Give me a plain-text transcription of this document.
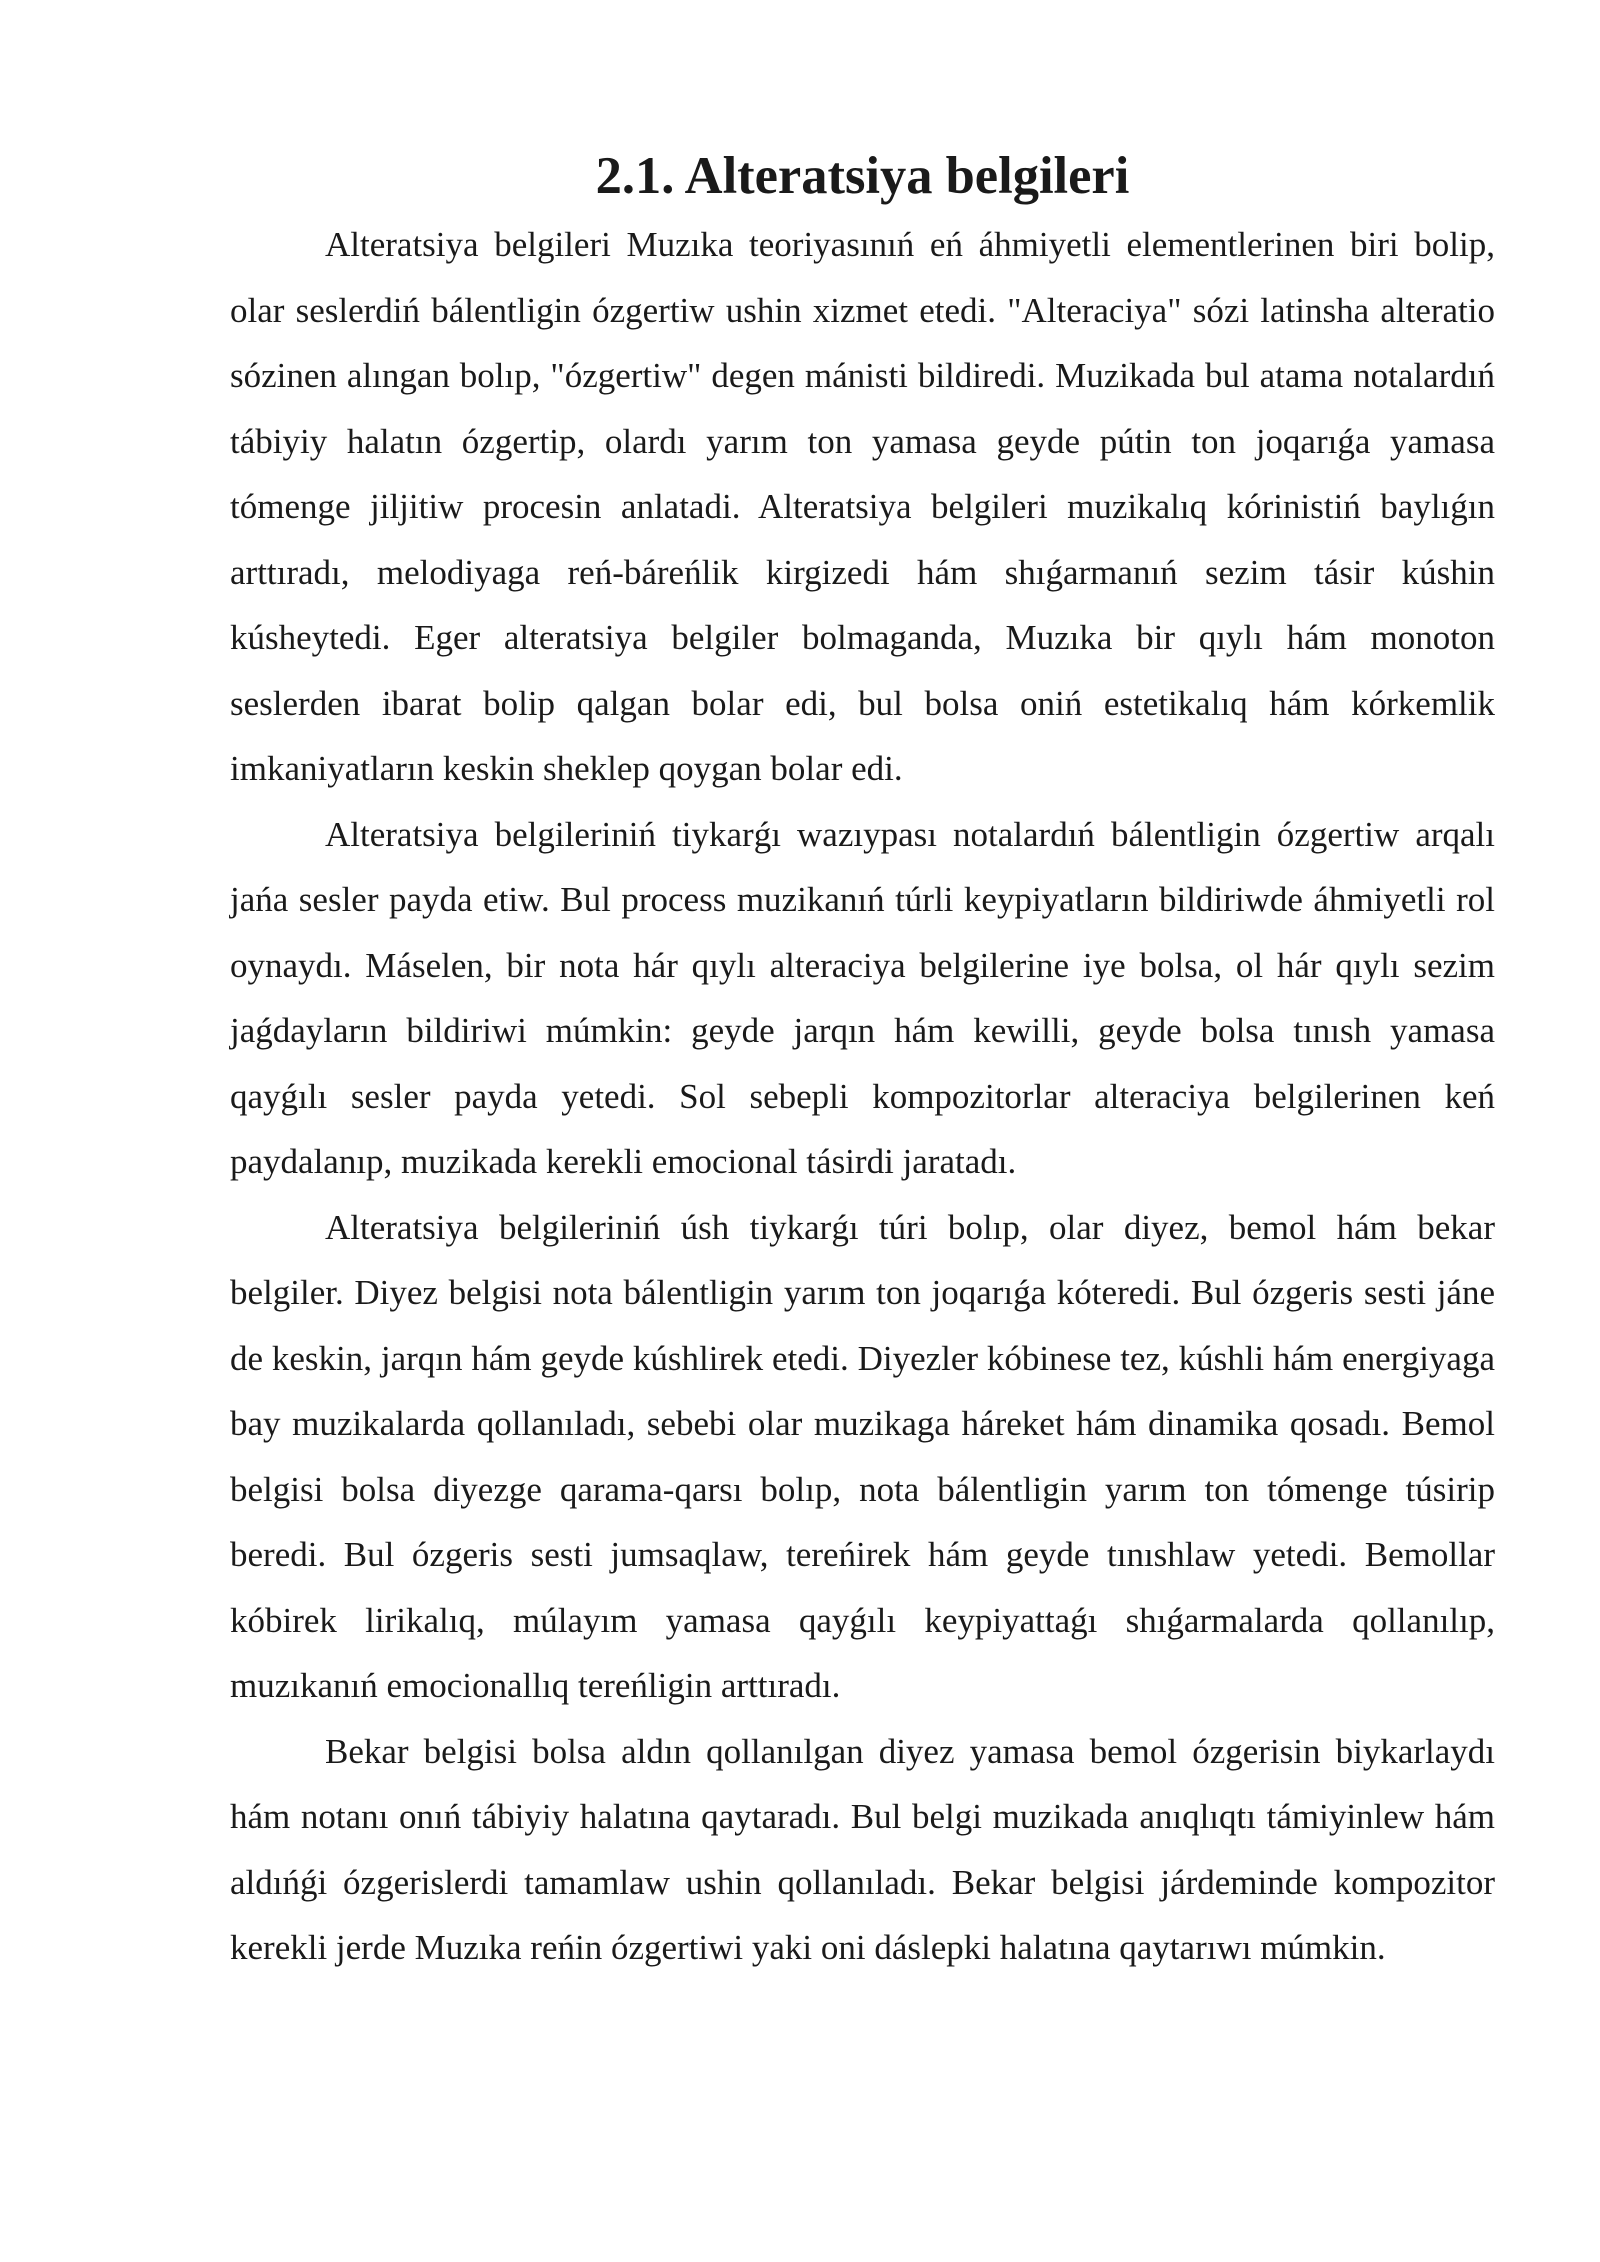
2.1. Alteratsiya belgileri

Alteratsiya belgileri Muzıka teoriyasınıń eń áhmiyetli elementlerinen biri bolip, olar seslerdiń bálentligin ózgertiw ushin xizmet etedi. "Alteraciya" sózi latinsha alteratio sózinen alıngan bolıp, "ózgertiw" degen mánisti bildiredi. Muzikada bul atama notalardıń tábiyiy halatın ózgertip, olardı yarım ton yamasa geyde pútin ton joqarıǵa yamasa tómenge jiljitiw procesin anlatadi. Alteratsiya belgileri muzikalıq kórinistiń baylıǵın arttıradı, melodiyaga reń-báreńlik kirgizedi hám shıǵarmanıń sezim tásir kúshin kúsheytedi. Eger alteratsiya belgiler bolmaganda, Muzıka bir qıylı hám monoton seslerden ibarat bolip qalgan bolar edi, bul bolsa oniń estetikalıq hám kórkemlik imkaniyatların keskin sheklep qoygan bolar edi.

Alteratsiya belgileriniń tiykarǵı wazıypası notalardıń bálentligin ózgertiw arqalı jańa sesler payda etiw. Bul process muzikanıń túrli keypiyatların bildiriwde áhmiyetli rol oynaydı. Máselen, bir nota hár qıylı alteraciya belgilerine iye bolsa, ol hár qıylı sezim jaǵdayların bildiriwi múmkin: geyde jarqın hám kewilli, geyde bolsa tınısh yamasa qayǵılı sesler payda yetedi. Sol sebepli kompozitorlar alteraciya belgilerinen keń paydalanıp, muzikada kerekli emocional tásirdi jaratadı.

Alteratsiya belgileriniń úsh tiykarǵı túri bolıp, olar diyez, bemol hám bekar belgiler. Diyez belgisi nota bálentligin yarım ton joqarıǵa kóteredi. Bul ózgeris sesti jáne de keskin, jarqın hám geyde kúshlirek etedi. Diyezler kóbinese tez, kúshli hám energiyaga bay muzikalarda qollanıladı, sebebi olar muzikaga háreket hám dinamika qosadı. Bemol belgisi bolsa diyezge qarama-qarsı bolıp, nota bálentligin yarım ton tómenge túsirip beredi. Bul ózgeris sesti jumsaqlaw, tereńirek hám geyde tınıshlaw yetedi. Bemollar kóbirek lirikalıq, múlayım yamasa qayǵılı keypiyattaǵı shıǵarmalarda qollanılıp, muzıkanıń emocionallıq tereńligin arttıradı.

Bekar belgisi bolsa aldın qollanılgan diyez yamasa bemol ózgerisin biykarlaydı hám notanı onıń tábiyiy halatına qaytaradı. Bul belgi muzikada anıqlıqtı támiyinlew hám aldıńǵi ózgerislerdi tamamlaw ushin qollanıladı. Bekar belgisi járdeminde kompozitor kerekli jerde Muzıka reńin ózgertiwi yaki oni dáslepki halatına qaytarıwı múmkin.
